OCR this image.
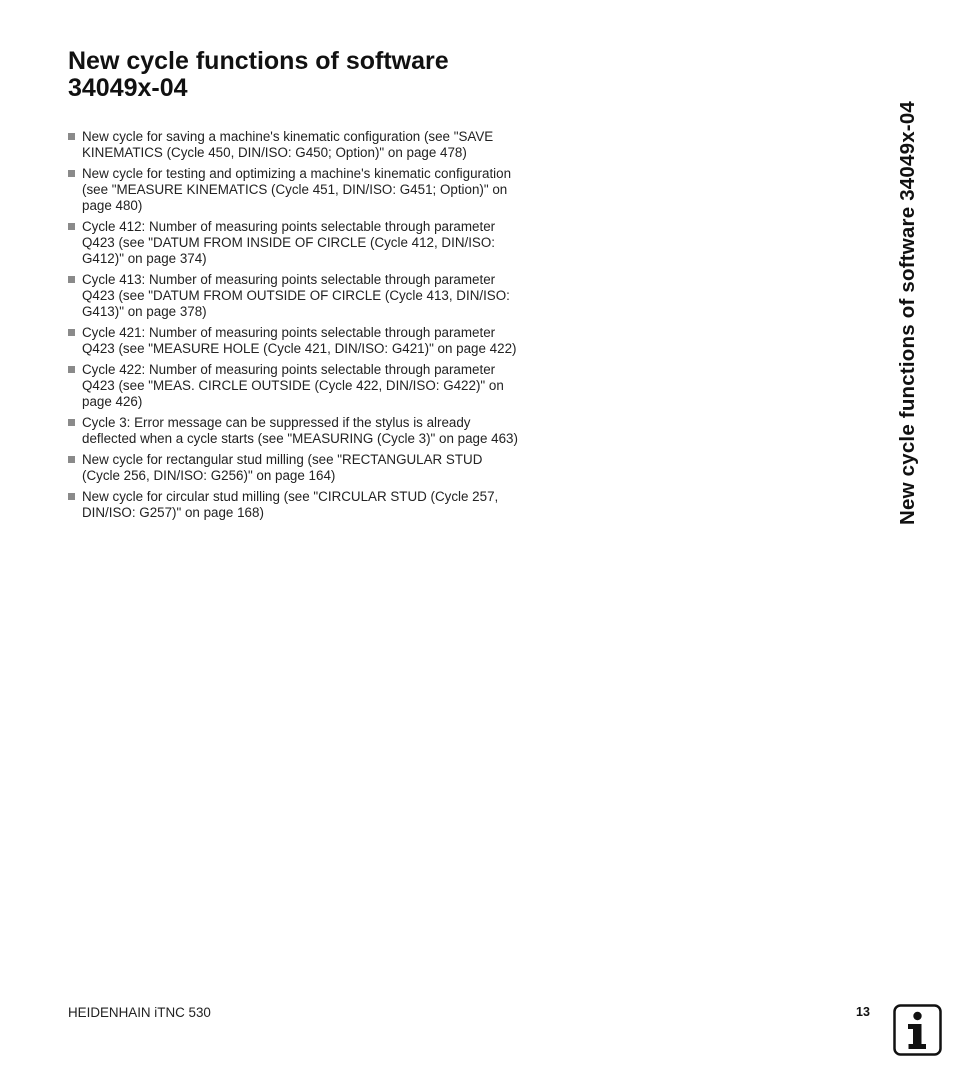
New cycle functions of software 34049x-04
New cycle for saving a machine's kinematic configuration (see "SAVE KINEMATICS (Cycle 450, DIN/ISO: G450; Option)" on page 478)
New cycle for testing and optimizing a machine's kinematic configuration (see "MEASURE KINEMATICS (Cycle 451, DIN/ISO: G451; Option)" on page 480)
Cycle 412: Number of measuring points selectable through parameter Q423 (see "DATUM FROM INSIDE OF CIRCLE (Cycle 412, DIN/ISO: G412)" on page 374)
Cycle 413: Number of measuring points selectable through parameter Q423 (see "DATUM FROM OUTSIDE OF CIRCLE (Cycle 413, DIN/ISO: G413)" on page 378)
Cycle 421: Number of measuring points selectable through parameter Q423 (see "MEASURE HOLE (Cycle 421, DIN/ISO: G421)" on page 422)
Cycle 422: Number of measuring points selectable through parameter Q423 (see "MEAS. CIRCLE OUTSIDE (Cycle 422, DIN/ISO: G422)" on page 426)
Cycle 3: Error message can be suppressed if the stylus is already deflected when a cycle starts (see "MEASURING (Cycle 3)" on page 463)
New cycle for rectangular stud milling (see "RECTANGULAR STUD (Cycle 256, DIN/ISO: G256)" on page 164)
New cycle for circular stud milling (see "CIRCULAR STUD (Cycle 257, DIN/ISO: G257)" on page 168)	New cycle functions of software 34049x-04
HEIDENHAIN iTNC 530	13
